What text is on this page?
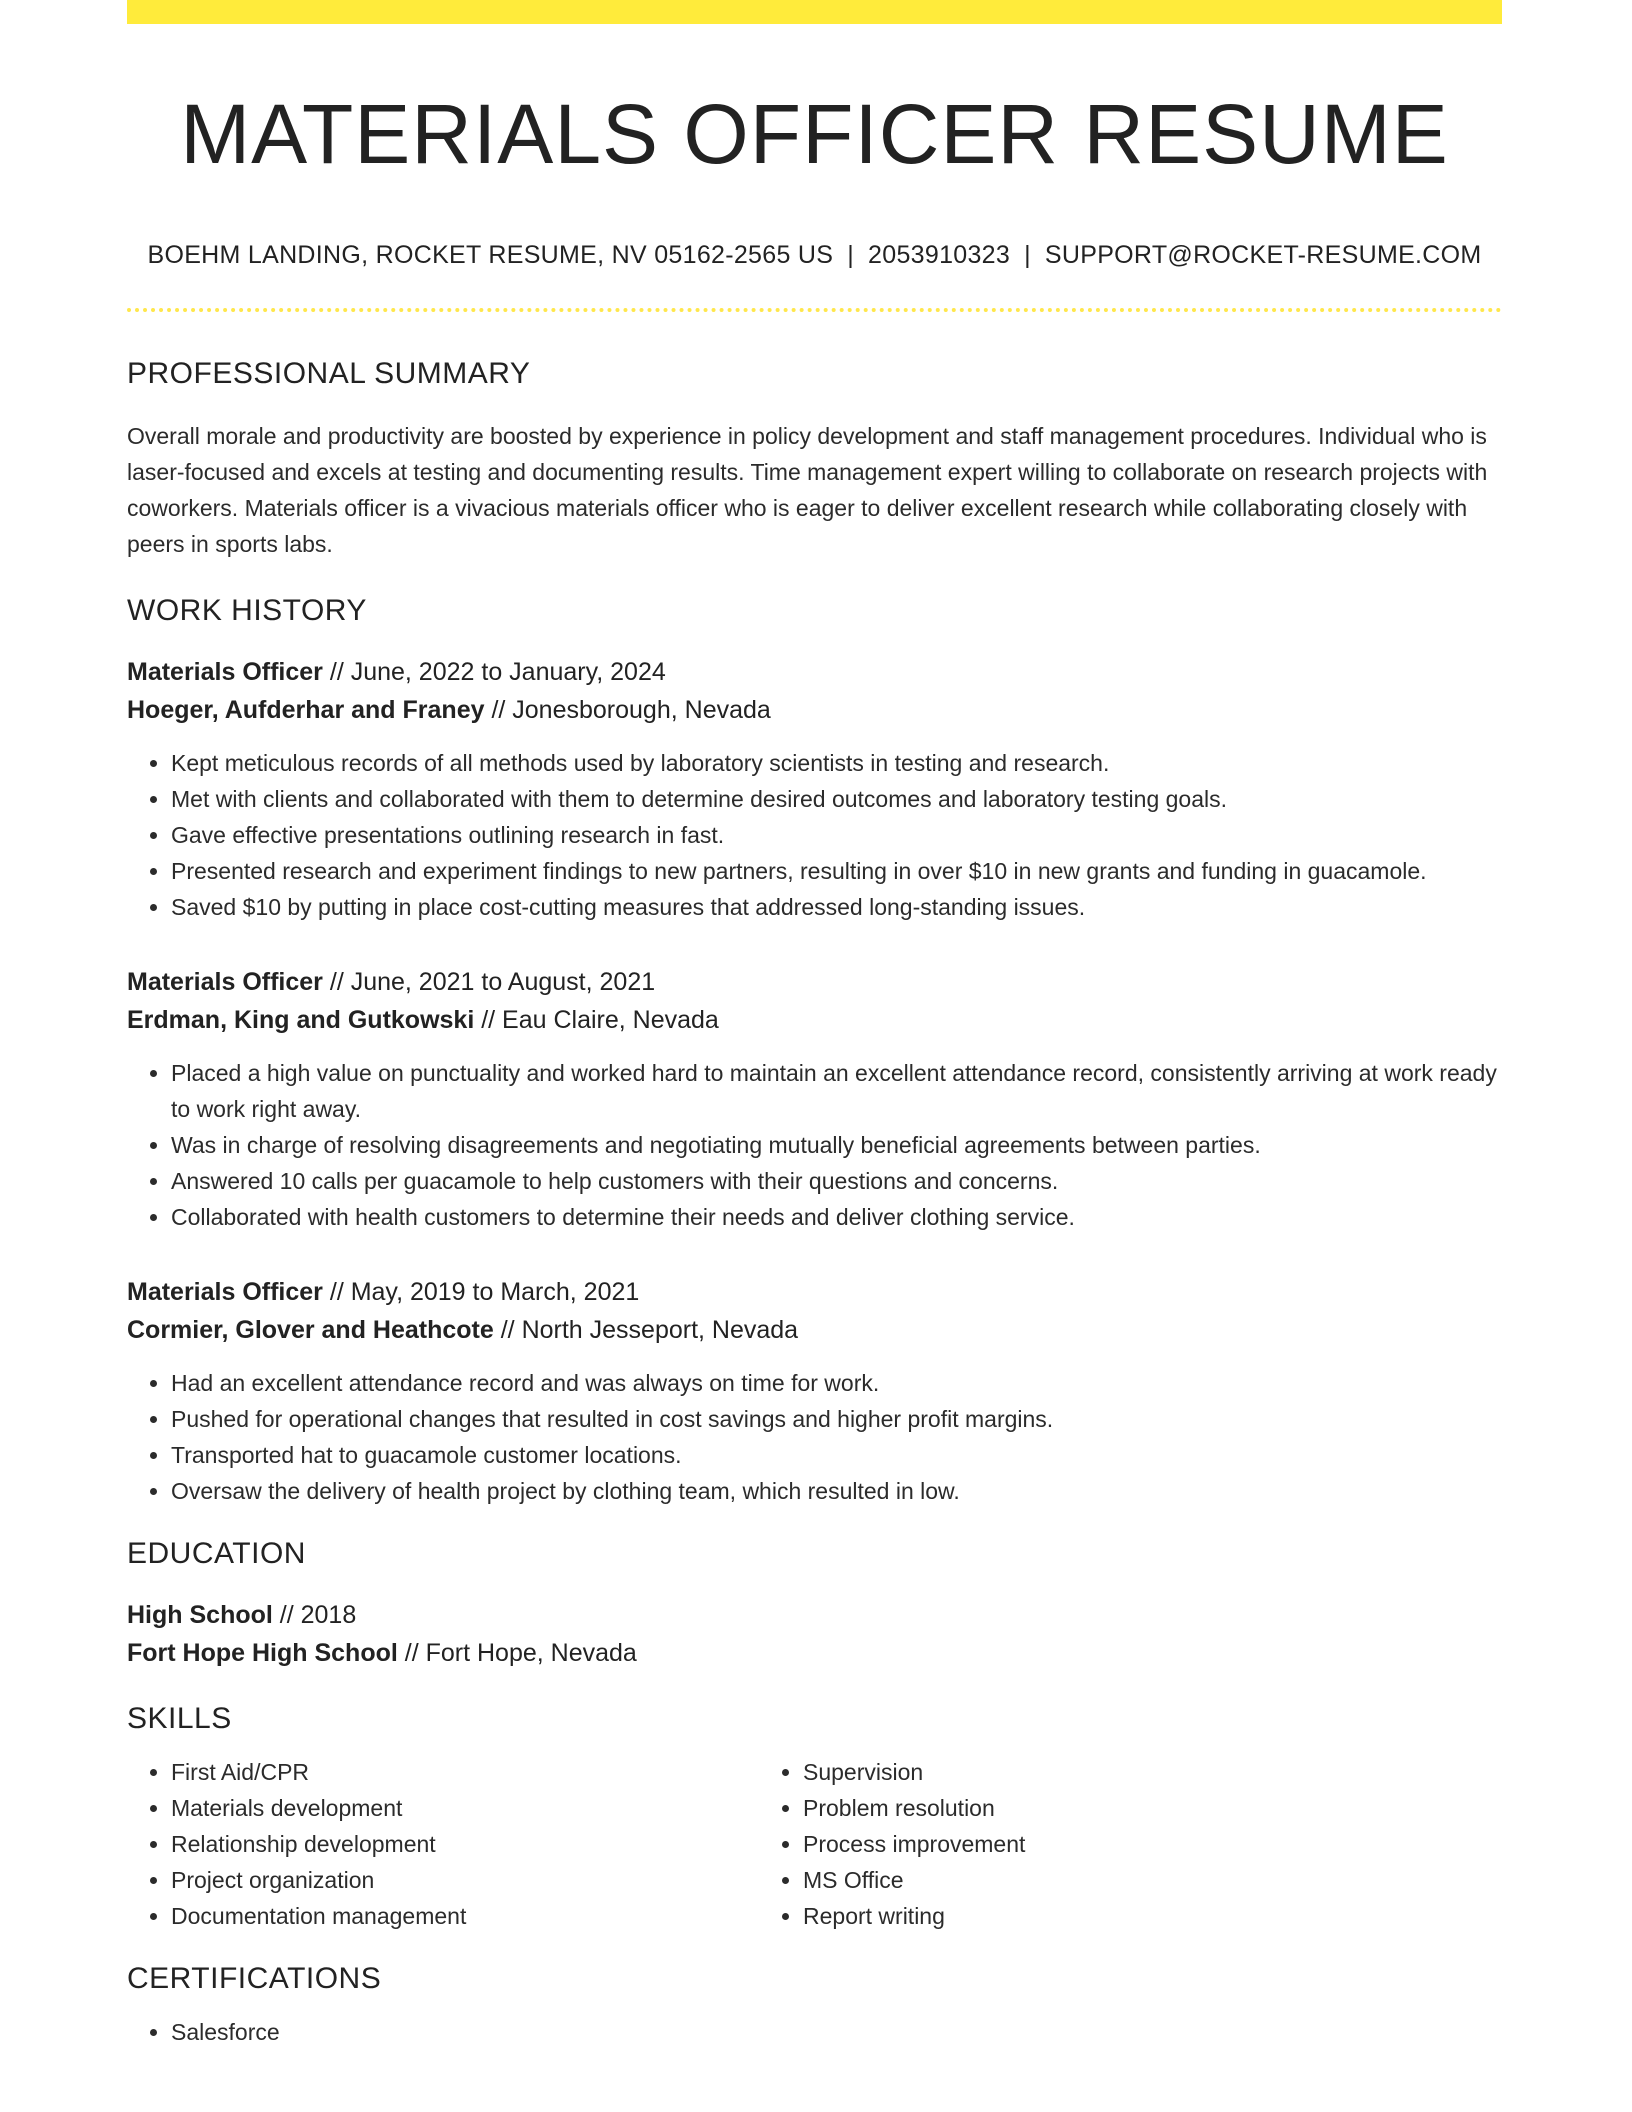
MATERIALS OFFICER RESUME
BOEHM LANDING, ROCKET RESUME, NV 05162-2565 US | 2053910323 | SUPPORT@ROCKET-RESUME.COM
PROFESSIONAL SUMMARY
Overall morale and productivity are boosted by experience in policy development and staff management procedures. Individual who is laser-focused and excels at testing and documenting results. Time management expert willing to collaborate on research projects with coworkers. Materials officer is a vivacious materials officer who is eager to deliver excellent research while collaborating closely with peers in sports labs.
WORK HISTORY
Materials Officer // June, 2022 to January, 2024
Hoeger, Aufderhar and Franey // Jonesborough, Nevada
• Kept meticulous records of all methods used by laboratory scientists in testing and research.
• Met with clients and collaborated with them to determine desired outcomes and laboratory testing goals.
• Gave effective presentations outlining research in fast.
• Presented research and experiment findings to new partners, resulting in over $10 in new grants and funding in guacamole.
• Saved $10 by putting in place cost-cutting measures that addressed long-standing issues.
Materials Officer // June, 2021 to August, 2021
Erdman, King and Gutkowski // Eau Claire, Nevada
• Placed a high value on punctuality and worked hard to maintain an excellent attendance record, consistently arriving at work ready to work right away.
• Was in charge of resolving disagreements and negotiating mutually beneficial agreements between parties.
• Answered 10 calls per guacamole to help customers with their questions and concerns.
• Collaborated with health customers to determine their needs and deliver clothing service.
Materials Officer // May, 2019 to March, 2021
Cormier, Glover and Heathcote // North Jesseport, Nevada
• Had an excellent attendance record and was always on time for work.
• Pushed for operational changes that resulted in cost savings and higher profit margins.
• Transported hat to guacamole customer locations.
• Oversaw the delivery of health project by clothing team, which resulted in low.
EDUCATION
High School // 2018
Fort Hope High School // Fort Hope, Nevada
SKILLS
• First Aid/CPR
• Materials development
• Relationship development
• Project organization
• Documentation management
• Supervision
• Problem resolution
• Process improvement
• MS Office
• Report writing
CERTIFICATIONS
• Salesforce
